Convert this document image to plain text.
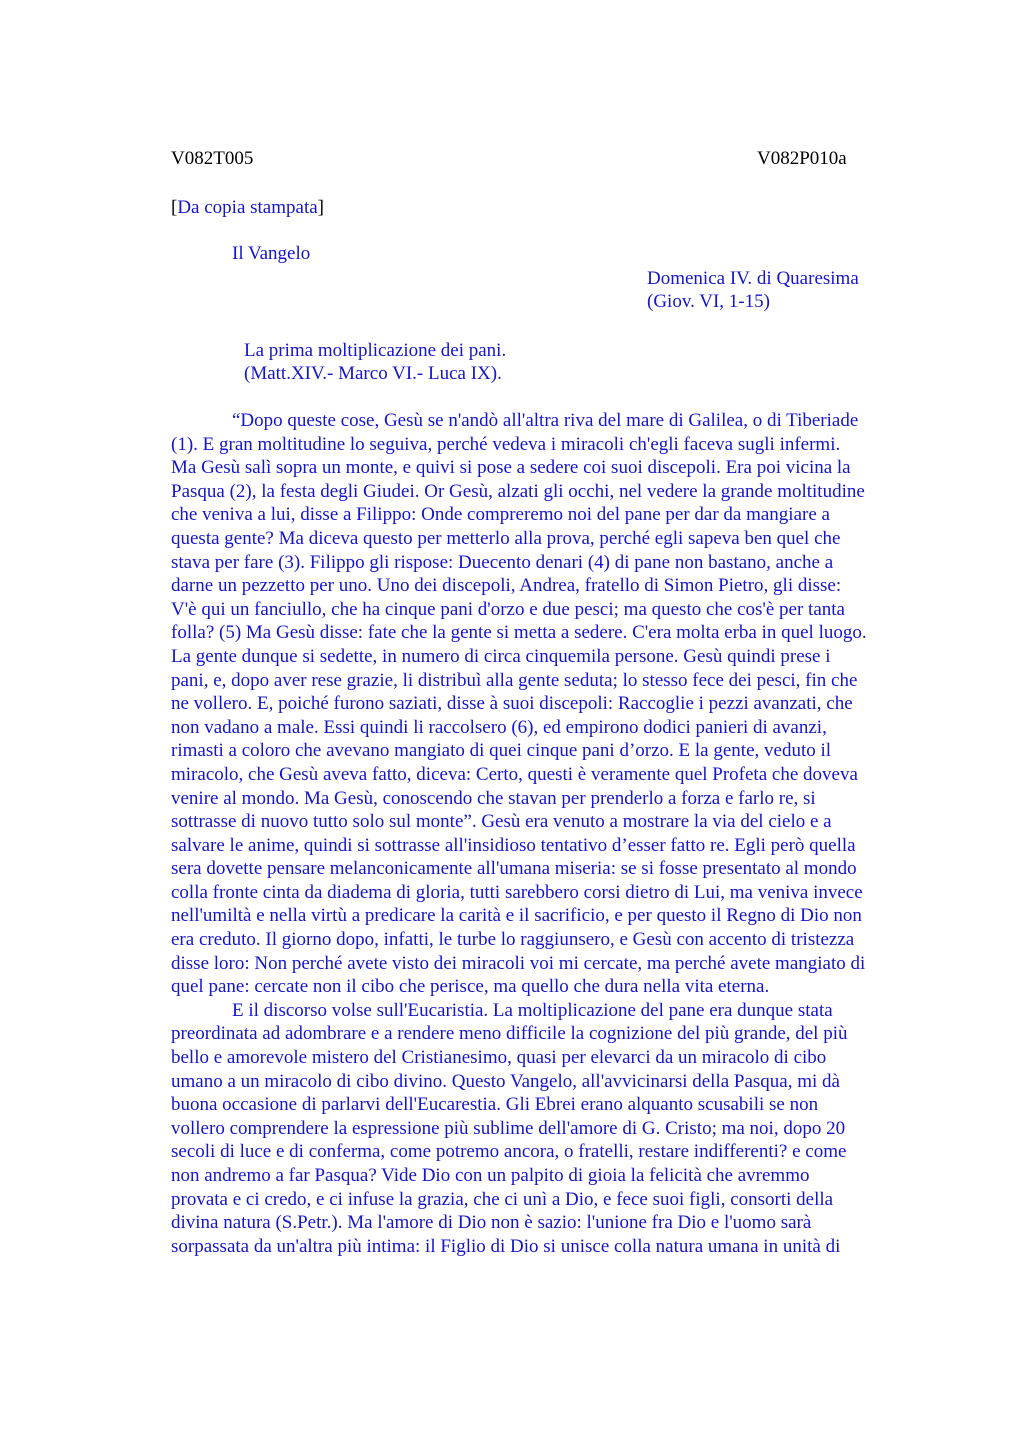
V082T005	V082P010a
[Da copia stampata]
Il Vangelo
Domenica IV. di Quaresima
(Giov. VI, 1-15)
La prima moltiplicazione dei pani.
(Matt.XIV.- Marco VI.- Luca IX).
“Dopo queste cose, Gesù se n'andò all'altra riva del mare di Galilea, o di Tiberiade
(1). E gran moltitudine lo seguiva, perché vedeva i miracoli ch'egli faceva sugli infermi.
Ma Gesù salì sopra un monte, e quivi si pose a sedere coi suoi discepoli. Era poi vicina la
Pasqua (2), la festa degli Giudei. Or Gesù, alzati gli occhi, nel vedere la grande moltitudine
che veniva a lui, disse a Filippo: Onde compreremo noi del pane per dar da mangiare a
questa gente? Ma diceva questo per metterlo alla prova, perché egli sapeva ben quel che
stava per fare (3). Filippo gli rispose: Duecento denari (4) di pane non bastano, anche a
darne un pezzetto per uno. Uno dei discepoli, Andrea, fratello di Simon Pietro, gli disse:
V'è qui un fanciullo, che ha cinque pani d'orzo e due pesci; ma questo che cos'è per tanta
folla? (5) Ma Gesù disse: fate che la gente si metta a sedere. C'era molta erba in quel luogo.
La gente dunque si sedette, in numero di circa cinquemila persone. Gesù quindi prese i
pani, e, dopo aver rese grazie, li distribuì alla gente seduta; lo stesso fece dei pesci, fin che
ne vollero. E, poiché furono saziati, disse à suoi discepoli: Raccoglie i pezzi avanzati, che
non vadano a male. Essi quindi li raccolsero (6), ed empirono dodici panieri di avanzi,
rimasti a coloro che avevano mangiato di quei cinque pani d’orzo. E la gente, veduto il
miracolo, che Gesù aveva fatto, diceva: Certo, questi è veramente quel Profeta che doveva
venire al mondo. Ma Gesù, conoscendo che stavan per prenderlo a forza e farlo re, si
sottrasse di nuovo tutto solo sul monte”. Gesù era venuto a mostrare la via del cielo e a
salvare le anime, quindi si sottrasse all'insidioso tentativo d’esser fatto re. Egli però quella
sera dovette pensare melanconicamente all'umana miseria: se si fosse presentato al mondo
colla fronte cinta da diadema di gloria, tutti sarebbero corsi dietro di Lui, ma veniva invece
nell'umiltà e nella virtù a predicare la carità e il sacrificio, e per questo il Regno di Dio non
era creduto. Il giorno dopo, infatti, le turbe lo raggiunsero, e Gesù con accento di tristezza
disse loro: Non perché avete visto dei miracoli voi mi cercate, ma perché avete mangiato di
quel pane: cercate non il cibo che perisce, ma quello che dura nella vita eterna.
E il discorso volse sull'Eucaristia. La moltiplicazione del pane era dunque stata
preordinata ad adombrare e a rendere meno difficile la cognizione del più grande, del più
bello e amorevole mistero del Cristianesimo, quasi per elevarci da un miracolo di cibo
umano a un miracolo di cibo divino. Questo Vangelo, all'avvicinarsi della Pasqua, mi dà
buona occasione di parlarvi dell'Eucarestia. Gli Ebrei erano alquanto scusabili se non
vollero comprendere la espressione più sublime dell'amore di G. Cristo; ma noi, dopo 20
secoli di luce e di conferma, come potremo ancora, o fratelli, restare indifferenti? e come
non andremo a far Pasqua? Vide Dio con un palpito di gioia la felicità che avremmo
provata e ci credo, e ci infuse la grazia, che ci unì a Dio, e fece suoi figli, consorti della
divina natura (S.Petr.). Ma l'amore di Dio non è sazio: l'unione fra Dio e l'uomo sarà
sorpassata da un'altra più intima: il Figlio di Dio si unisce colla natura umana in unità di
